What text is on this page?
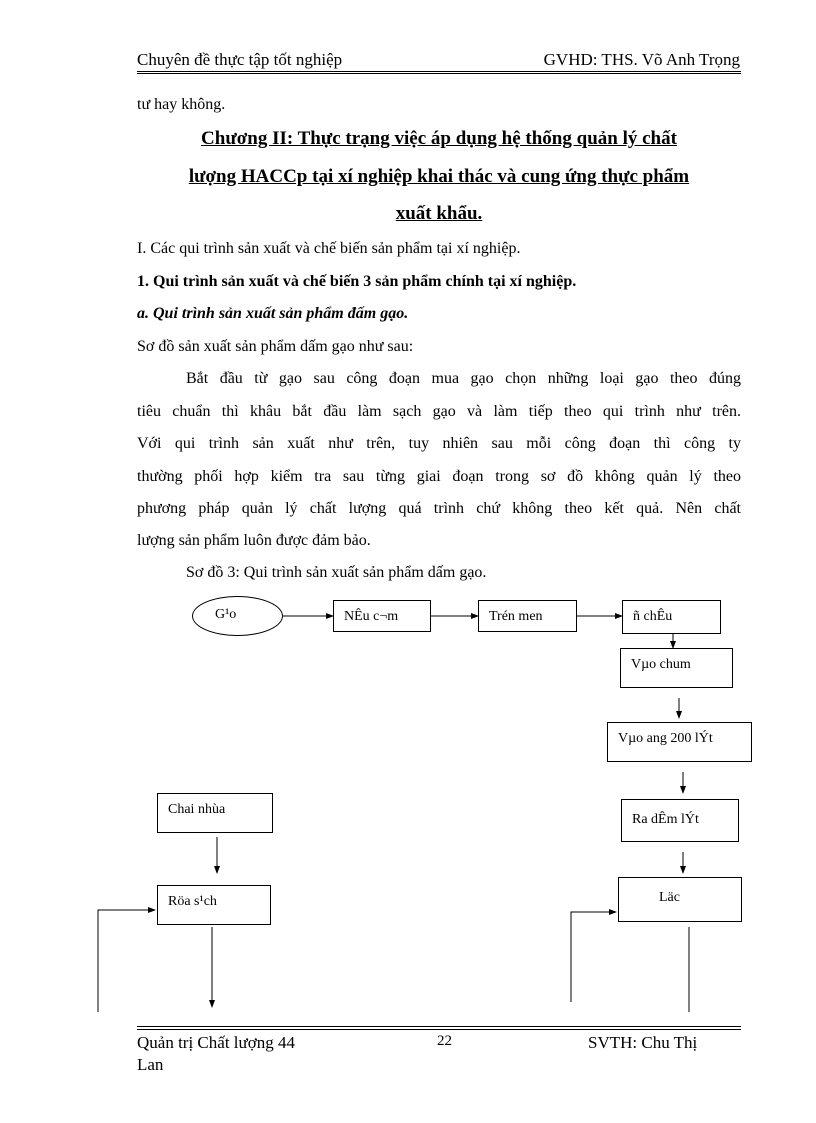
Chuyên đề thực tập tốt nghiệp	GVHD: THS. Võ Anh Trọng
tư hay không.
Chương II: Thực trạng việc áp dụng hệ thống quản lý chất
lượng HACCp tại xí nghiệp khai thác và cung ứng thực phẩm
xuất khẩu.
I. Các qui trình sản xuất và chế biến sản phẩm tại xí nghiệp.
1. Qui trình sản xuất và chế biến 3 sản phẩm chính tại xí nghiệp.
a. Qui trình sản xuất sản phẩm đấm gạo.
Sơ đồ sản xuất sản phẩm dấm gạo như sau:
Bắt đầu từ gạo sau công đoạn mua gạo chọn những loại gạo theo đúng
tiêu chuẩn thì khâu bắt đầu làm sạch gạo và làm tiếp theo qui trình như trên.
Với qui trình sản xuất như trên, tuy nhiên sau mỗi công đoạn thì công ty
thường phối hợp kiểm tra sau từng giai đoạn trong sơ đồ không quản lý theo
phương pháp quản lý chất lượng quá trình chứ không theo kết quả. Nên chất
lượng sản phẩm luôn được đảm bảo.
Sơ đồ 3: Qui trình sản xuất sản phẩm dấm gạo.
G¹o	NÊu c¬m	Trén men	ñ chÊu
Vµo chum
Vµo ang 200 lÝt
Ra dÊm lÝt
Läc
Chai nhùa
Röa s¹ch
Quản trị Chất lượng 44
Lan
22	SVTH: Chu Thị
